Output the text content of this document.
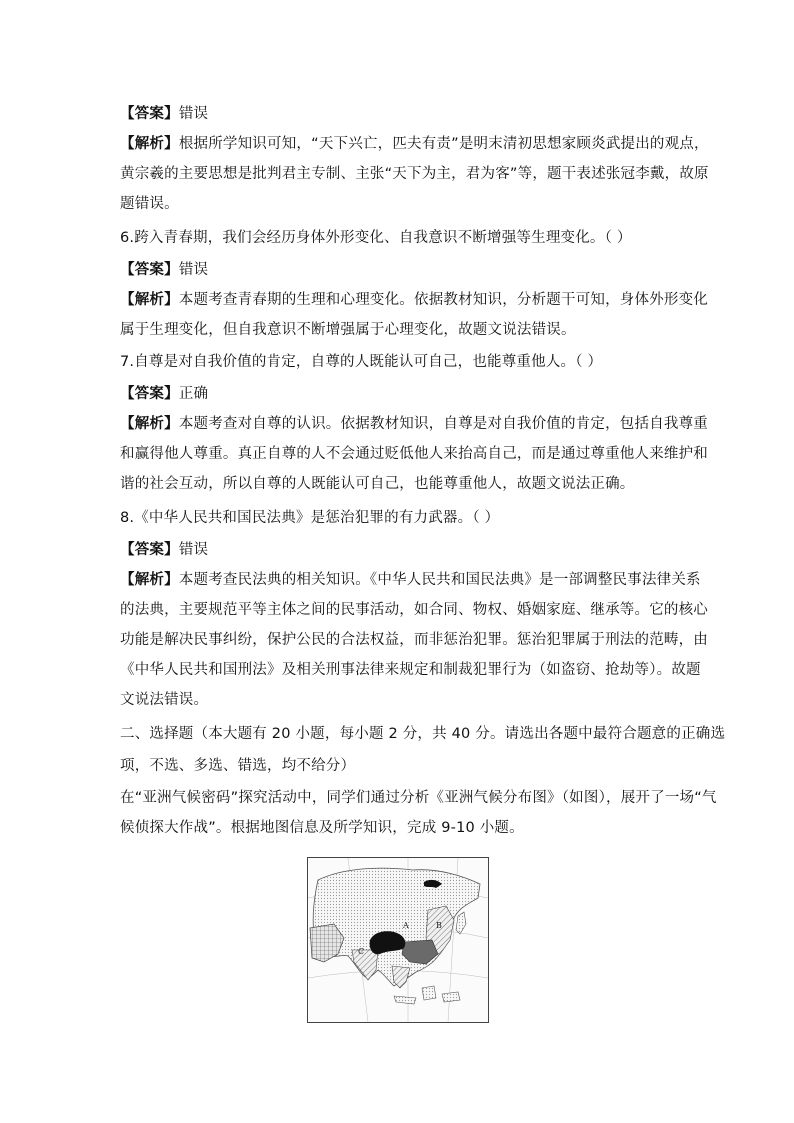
【答案】错误
【解析】根据所学知识可知，“天下兴亡，匹夫有责”是明末清初思想家顾炎武提出的观点，
黄宗羲的主要思想是批判君主专制、主张“天下为主，君为客”等，题干表述张冠李戴，故原
题错误。
6.跨入青春期，我们会经历身体外形变化、自我意识不断增强等生理变化。（ ）
【答案】错误
【解析】本题考查青春期的生理和心理变化。依据教材知识，分析题干可知，身体外形变化
属于生理变化，但自我意识不断增强属于心理变化，故题文说法错误。
7.自尊是对自我价值的肯定，自尊的人既能认可自己，也能尊重他人。（ ）
【答案】正确
【解析】本题考查对自尊的认识。依据教材知识，自尊是对自我价值的肯定，包括自我尊重
和赢得他人尊重。真正自尊的人不会通过贬低他人来抬高自己，而是通过尊重他人来维护和
谐的社会互动，所以自尊的人既能认可自己，也能尊重他人，故题文说法正确。
8.《中华人民共和国民法典》是惩治犯罪的有力武器。（ ）
【答案】错误
【解析】本题考查民法典的相关知识。《中华人民共和国民法典》是一部调整民事法律关系
的法典，主要规范平等主体之间的民事活动，如合同、物权、婚姻家庭、继承等。它的核心
功能是解决民事纠纷，保护公民的合法权益，而非惩治犯罪。惩治犯罪属于刑法的范畴，由
《中华人民共和国刑法》及相关刑事法律来规定和制裁犯罪行为（如盗窃、抢劫等）。故题
文说法错误。
二、选择题（本大题有 20 小题，每小题 2 分，共 40 分。请选出各题中最符合题意的正确选
项，不选、多选、错选，均不给分）
在“亚洲气候密码”探究活动中，同学们通过分析《亚洲气候分布图》（如图），展开了一场“气
候侦探大作战”。根据地图信息及所学知识，完成 9-10 小题。
A	B
C
